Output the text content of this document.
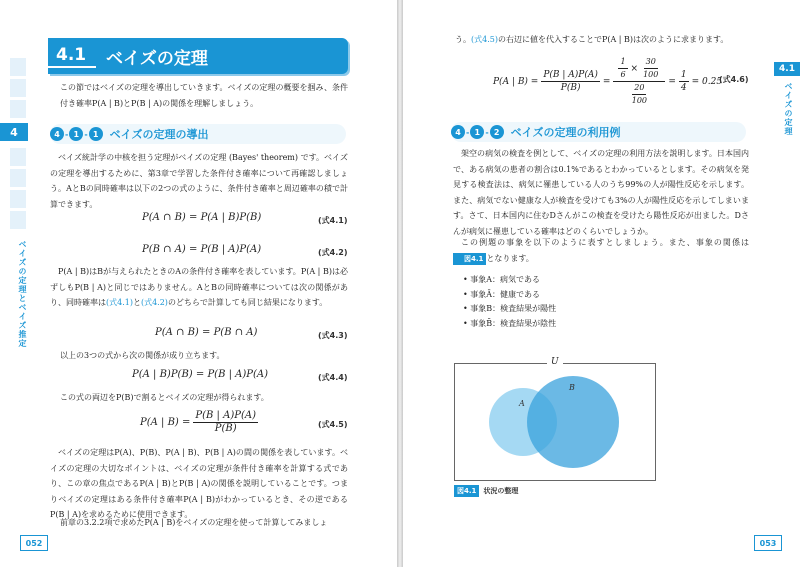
4
ベイズの定理とベイズ推定
052
4.1	ベイズの定理
この節ではベイズの定理を導出していきます。ベイズの定理の概要を掴み、条件付き確率P(A | B)とP(B | A)の関係を理解しましょう。
4 - 1 - 1	ベイズの定理の導出
ベイズ統計学の中核を担う定理がベイズの定理 (Bayes' theorem) です。ベイズの定理を導出するために、第3章で学習した条件付き確率について再確認しましょう。AとBの同時確率は以下の2つの式のように、条件付き確率と周辺確率の積で計算できます。
P(A ∩ B) = P(A | B)P(B)	(式4.1)
P(B ∩ A) = P(B | A)P(A)	(式4.2)
P(A | B)はBが与えられたときのAの条件付き確率を表しています。P(A | B)は必ずしもP(B | A)と同じではありません。AとBの同時確率については次の関係があり、同時確率は(式4.1)と(式4.2)のどちらで計算しても同じ結果になります。
P(A ∩ B) = P(B ∩ A)	(式4.3)
以上の3つの式から次の関係が成り立ちます。
P(A | B)P(B) = P(B | A)P(A)	(式4.4)
この式の両辺をP(B)で割るとベイズの定理が得られます。
P(A | $B) = \frac{P(B | A)P(A)}{P(B)}$	(式4.5)
ベイズの定理はP(A)、P(B)、P(A | B)、P(B | A)の間の関係を表しています。ベイズの定理の大切なポイントは、ベイズの定理が条件付き確率を計算する式であり、この章の焦点であるP(A | B)とP(B | A)の関係を説明していることです。つまりベイズの定理はある条件付き確率P(A | B)がわかっているとき、その逆であるP(B | A)を求めるために使用できます。
前章の3.2.2項で求めたP(A | B)をベイズの定理を使って計算してみましょ
4.1
ベイズの定理
053
う。(式4.5)の右辺に値を代入することでP(A | B)は次のように求まります。
P(A | $B) = \frac{P(B | A)P(A)}{P(B)} = \frac{\frac{1}{6} \times \frac{30}{100}}{\frac{20}{100}} = \frac{1}{4} = 0.25$
(式4.6)
4 - 1 - 2	ベイズの定理の利用例
架空の病気の検査を例として、ベイズの定理の利用方法を説明します。日本国内で、ある病気の患者の割合は0.1%であるとわかっているとします。その病気を発見する検査法は、病気に罹患している人のうち99%の人が陽性反応を示します。また、病気でない健康な人が検査を受けても3%の人が陽性反応を示してしまいます。さて、日本国内に住むDさんがこの検査を受けたら陽性反応が出ました。Dさんが病気に罹患している確率はどのくらいでしょうか。
この例題の事象を以下のように表すとしましょう。また、事象の関係は図4.1 となります。
• 事象A：病気である
• 事象Ā：健康である
• 事象B：検査結果が陽性
• 事象B̄：検査結果が陰性
A
B
U
図4.1	状況の整理
